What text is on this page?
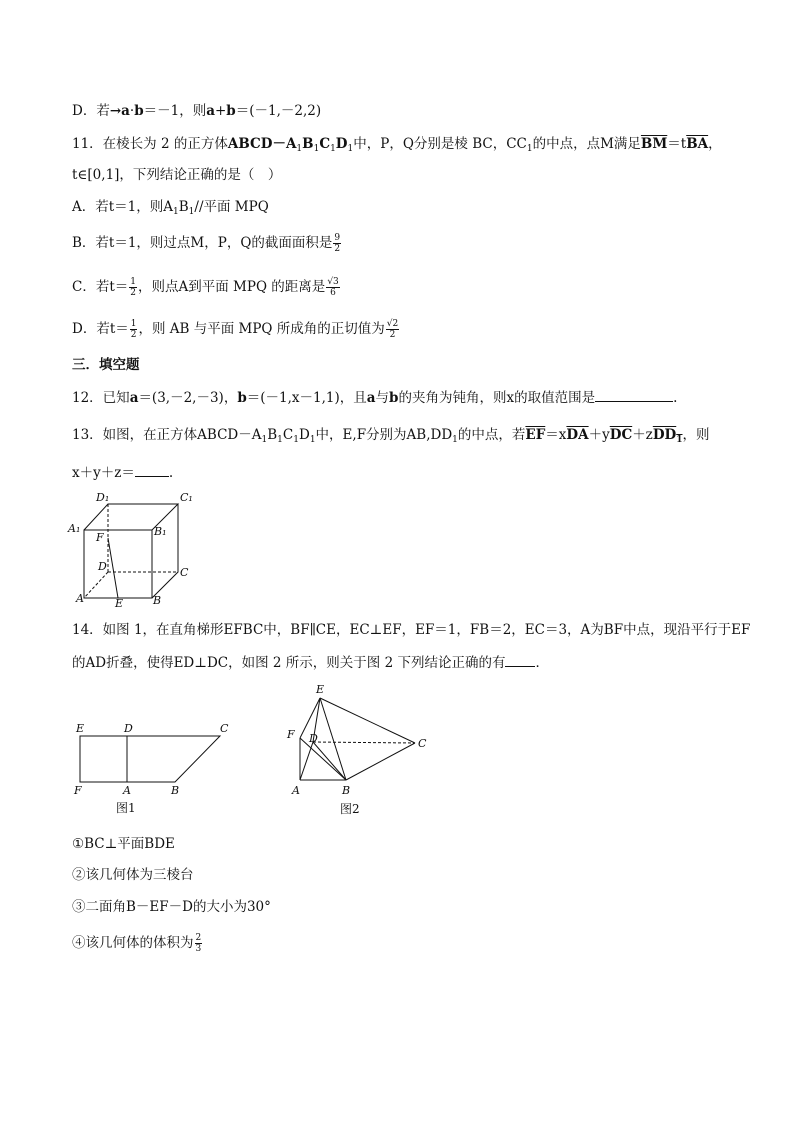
D．若→a·b＝－1，则a+b＝(－1,－2,2)
11．在棱长为 2 的正方体$ABCD-A_1B_1C_1D_1$中，P，Q分别是棱 BC，$CC_1$的中点，点M满足$\overline{BM}=t\overline{BA}$，
t∈[0,1]，下列结论正确的是（　）
A．若t＝1，则$A_1B_1//$平面 MPQ
B．若t＝1，则过点M，P，Q的截面面积是 $\frac{9}{2}$
C．若$t= \frac{1}{2}$ ，则点A到平面 MPQ 的距离是 $\frac{√3}{6}$
D．若$t= \frac{1}{2}$ ，则 AB 与平面 MPQ 所成角的正切值为 $\frac{√2}{2}$
三．填空题
12．已知a＝(3,－2,－3)，b＝(－1,x－1,1)，且a与b的夹角为钝角，则x的取值范围是	.
13．如图，在正方体$ABCD-A_1B_1C_1D_1$中，E,F分别为$AB,DD_1$的中点，若$\overline{EF}=x\overline{DA}+y\overline{DC}+zDD_1$，则
x＋y＋z＝	.
D₁	C₁
A₁	B₁
F
D	C
A	E	B
14．如图 1，在直角梯形EFBC中，BF∥CE，EC⊥EF，EF＝1，FB＝2，EC＝3，A为BF中点，现沿平行于EF
的AD折叠，使得ED⊥DC，如图 2 所示，则关于图 2 下列结论正确的有 ．
E	D	C
F	A	B
图1
E
F D	C
A	B
图2
①BC⊥平面BDE
②该几何体为三棱台
③二面角B－EF－D的大小为30°
④该几何体的体积为 $\frac{2}{3}$
